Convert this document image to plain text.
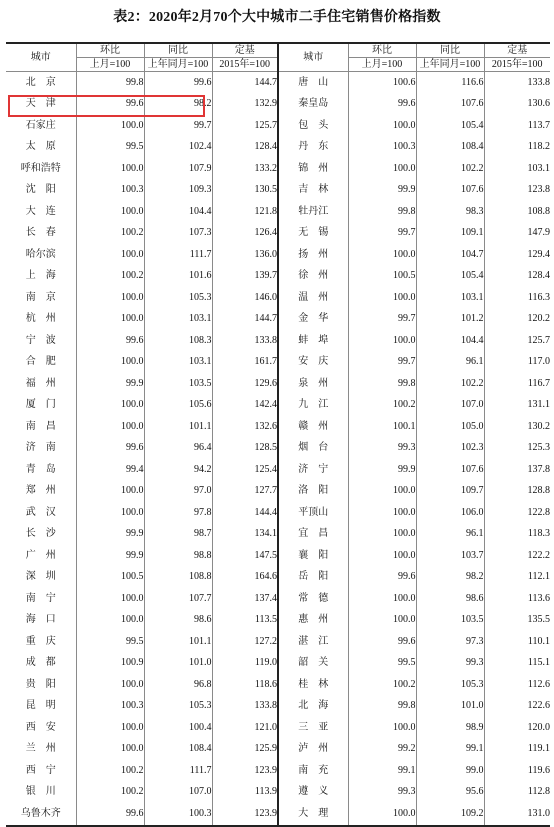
表2：2020年2月70个大中城市二手住宅销售价格指数
城市	环比	同比	定基	城市	环比	同比	定基
	上月=100	上年同月=100	2015年=100		上月=100	上年同月=100	2015年=100
北　京	99.8	99.6	144.7	唐　山	100.6	116.6	133.8
天　津	99.6	98.2	132.9	秦皇岛	99.6	107.6	130.6
石家庄	100.0	99.7	125.7	包　头	100.0	105.4	113.7
太　原	99.5	102.4	128.4	丹　东	100.3	108.4	118.2
呼和浩特	100.0	107.9	133.2	锦　州	100.0	102.2	103.1
沈　阳	100.3	109.3	130.5	吉　林	99.9	107.6	123.8
大　连	100.0	104.4	121.8	牡丹江	99.8	98.3	108.8
长　春	100.2	107.3	126.4	无　锡	99.7	109.1	147.9
哈尔滨	100.0	111.7	136.0	扬　州	100.0	104.7	129.4
上　海	100.2	101.6	139.7	徐　州	100.5	105.4	128.4
南　京	100.0	105.3	146.0	温　州	100.0	103.1	116.3
杭　州	100.0	103.1	144.7	金　华	99.7	101.2	120.2
宁　波	99.6	108.3	133.8	蚌　埠	100.0	104.4	125.7
合　肥	100.0	103.1	161.7	安　庆	99.7	96.1	117.0
福　州	99.9	103.5	129.6	泉　州	99.8	102.2	116.7
厦　门	100.0	105.6	142.4	九　江	100.2	107.0	131.1
南　昌	100.0	101.1	132.6	赣　州	100.1	105.0	130.2
济　南	99.6	96.4	128.5	烟　台	99.3	102.3	125.3
青　岛	99.4	94.2	125.4	济　宁	99.9	107.6	137.8
郑　州	100.0	97.0	127.7	洛　阳	100.0	109.7	128.8
武　汉	100.0	97.8	144.4	平顶山	100.0	106.0	122.8
长　沙	99.9	98.7	134.1	宜　昌	100.0	96.1	118.3
广　州	99.9	98.8	147.5	襄　阳	100.0	103.7	122.2
深　圳	100.5	108.8	164.6	岳　阳	99.6	98.2	112.1
南　宁	100.0	107.7	137.4	常　德	100.0	98.6	113.6
海　口	100.0	98.6	113.5	惠　州	100.0	103.5	135.5
重　庆	99.5	101.1	127.2	湛　江	99.6	97.3	110.1
成　都	100.9	101.0	119.0	韶　关	99.5	99.3	115.1
贵　阳	100.0	96.8	118.6	桂　林	100.2	105.3	112.6
昆　明	100.3	105.3	133.8	北　海	99.8	101.0	122.6
西　安	100.0	100.4	121.0	三　亚	100.0	98.9	120.0
兰　州	100.0	108.4	125.9	泸　州	99.2	99.1	119.1
西　宁	100.2	111.7	123.9	南　充	99.1	99.0	119.6
银　川	100.2	107.0	113.9	遵　义	99.3	95.6	112.8
乌鲁木齐	99.6	100.3	123.9	大　理	100.0	109.2	131.0
